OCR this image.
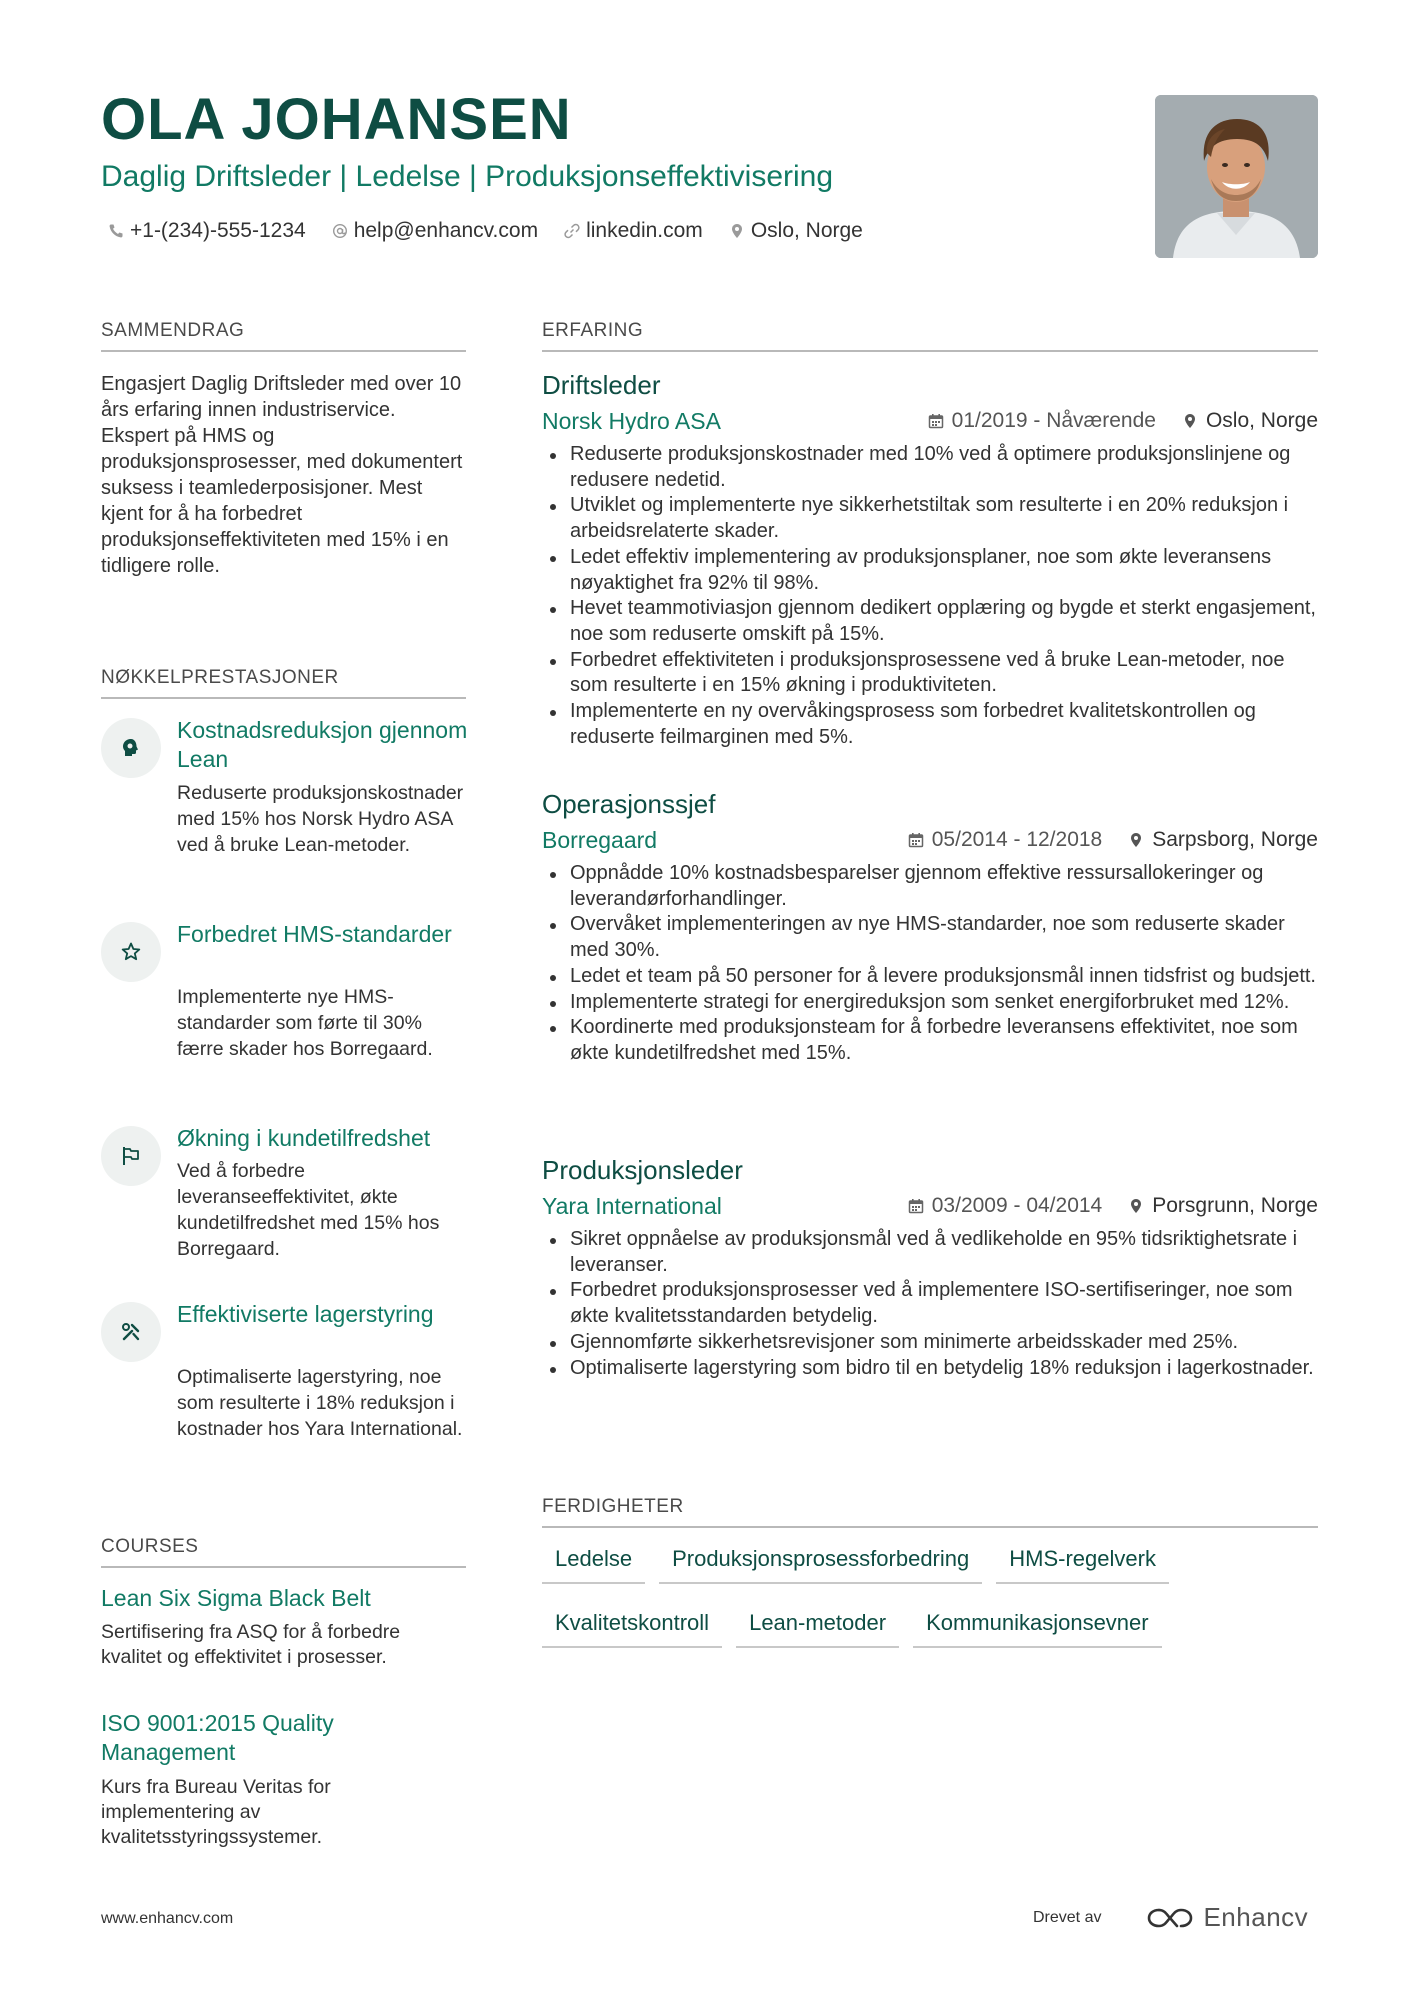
OLA JOHANSEN
Daglig Driftsleder | Ledelse | Produksjonseffektivisering
+1-(234)-555-1234 help@enhancv.com linkedin.com Oslo, Norge
SAMMENDRAG
Engasjert Daglig Driftsleder med over 10 års erfaring innen industriservice. Ekspert på HMS og produksjonsprosesser, med dokumentert suksess i teamlederposisjoner. Mest kjent for å ha forbedret produksjonseffektiviteten med 15% i en tidligere rolle.
NØKKELPRESTASJONER
Kostnadsreduksjon gjennom Lean
Reduserte produksjonskostnader med 15% hos Norsk Hydro ASA ved å bruke Lean-metoder.
Forbedret HMS-standarder
Implementerte nye HMS-standarder som førte til 30% færre skader hos Borregaard.
Økning i kundetilfredshet
Ved å forbedre leveranseeffektivitet, økte kundetilfredshet med 15% hos Borregaard.
Effektiviserte lagerstyring
Optimaliserte lagerstyring, noe som resulterte i 18% reduksjon i kostnader hos Yara International.
COURSES
Lean Six Sigma Black Belt
Sertifisering fra ASQ for å forbedre kvalitet og effektivitet i prosesser.
ISO 9001:2015 Quality Management
Kurs fra Bureau Veritas for implementering av kvalitetsstyringssystemer.
ERFARING
Driftsleder
Norsk Hydro ASA	01/2019 - Nåværende Oslo, Norge
Reduserte produksjonskostnader med 10% ved å optimere produksjonslinjene og redusere nedetid.
Utviklet og implementerte nye sikkerhetstiltak som resulterte i en 20% reduksjon i arbeidsrelaterte skader.
Ledet effektiv implementering av produksjonsplaner, noe som økte leveransens nøyaktighet fra 92% til 98%.
Hevet teammotiviasjon gjennom dedikert opplæring og bygde et sterkt engasjement, noe som reduserte omskift på 15%.
Forbedret effektiviteten i produksjonsprosessene ved å bruke Lean-metoder, noe som resulterte i en 15% økning i produktiviteten.
Implementerte en ny overvåkingsprosess som forbedret kvalitetskontrollen og reduserte feilmarginen med 5%.
Operasjonssjef
Borregaard	05/2014 - 12/2018 Sarpsborg, Norge
Oppnådde 10% kostnadsbesparelser gjennom effektive ressursallokeringer og leverandørforhandlinger.
Overvåket implementeringen av nye HMS-standarder, noe som reduserte skader med 30%.
Ledet et team på 50 personer for å levere produksjonsmål innen tidsfrist og budsjett.
Implementerte strategi for energireduksjon som senket energiforbruket med 12%.
Koordinerte med produksjonsteam for å forbedre leveransens effektivitet, noe som økte kundetilfredshet med 15%.
Produksjonsleder
Yara International	03/2009 - 04/2014 Porsgrunn, Norge
Sikret oppnåelse av produksjonsmål ved å vedlikeholde en 95% tidsriktighetsrate i leveranser.
Forbedret produksjonsprosesser ved å implementere ISO-sertifiseringer, noe som økte kvalitetsstandarden betydelig.
Gjennomførte sikkerhetsrevisjoner som minimerte arbeidsskader med 25%.
Optimaliserte lagerstyring som bidro til en betydelig 18% reduksjon i lagerkostnader.
FERDIGHETER
Ledelse	Produksjonsprosessforbedring	HMS-regelverk
Kvalitetskontroll	Lean-metoder	Kommunikasjonsevner
www.enhancv.com	Drevet av	Enhancv
